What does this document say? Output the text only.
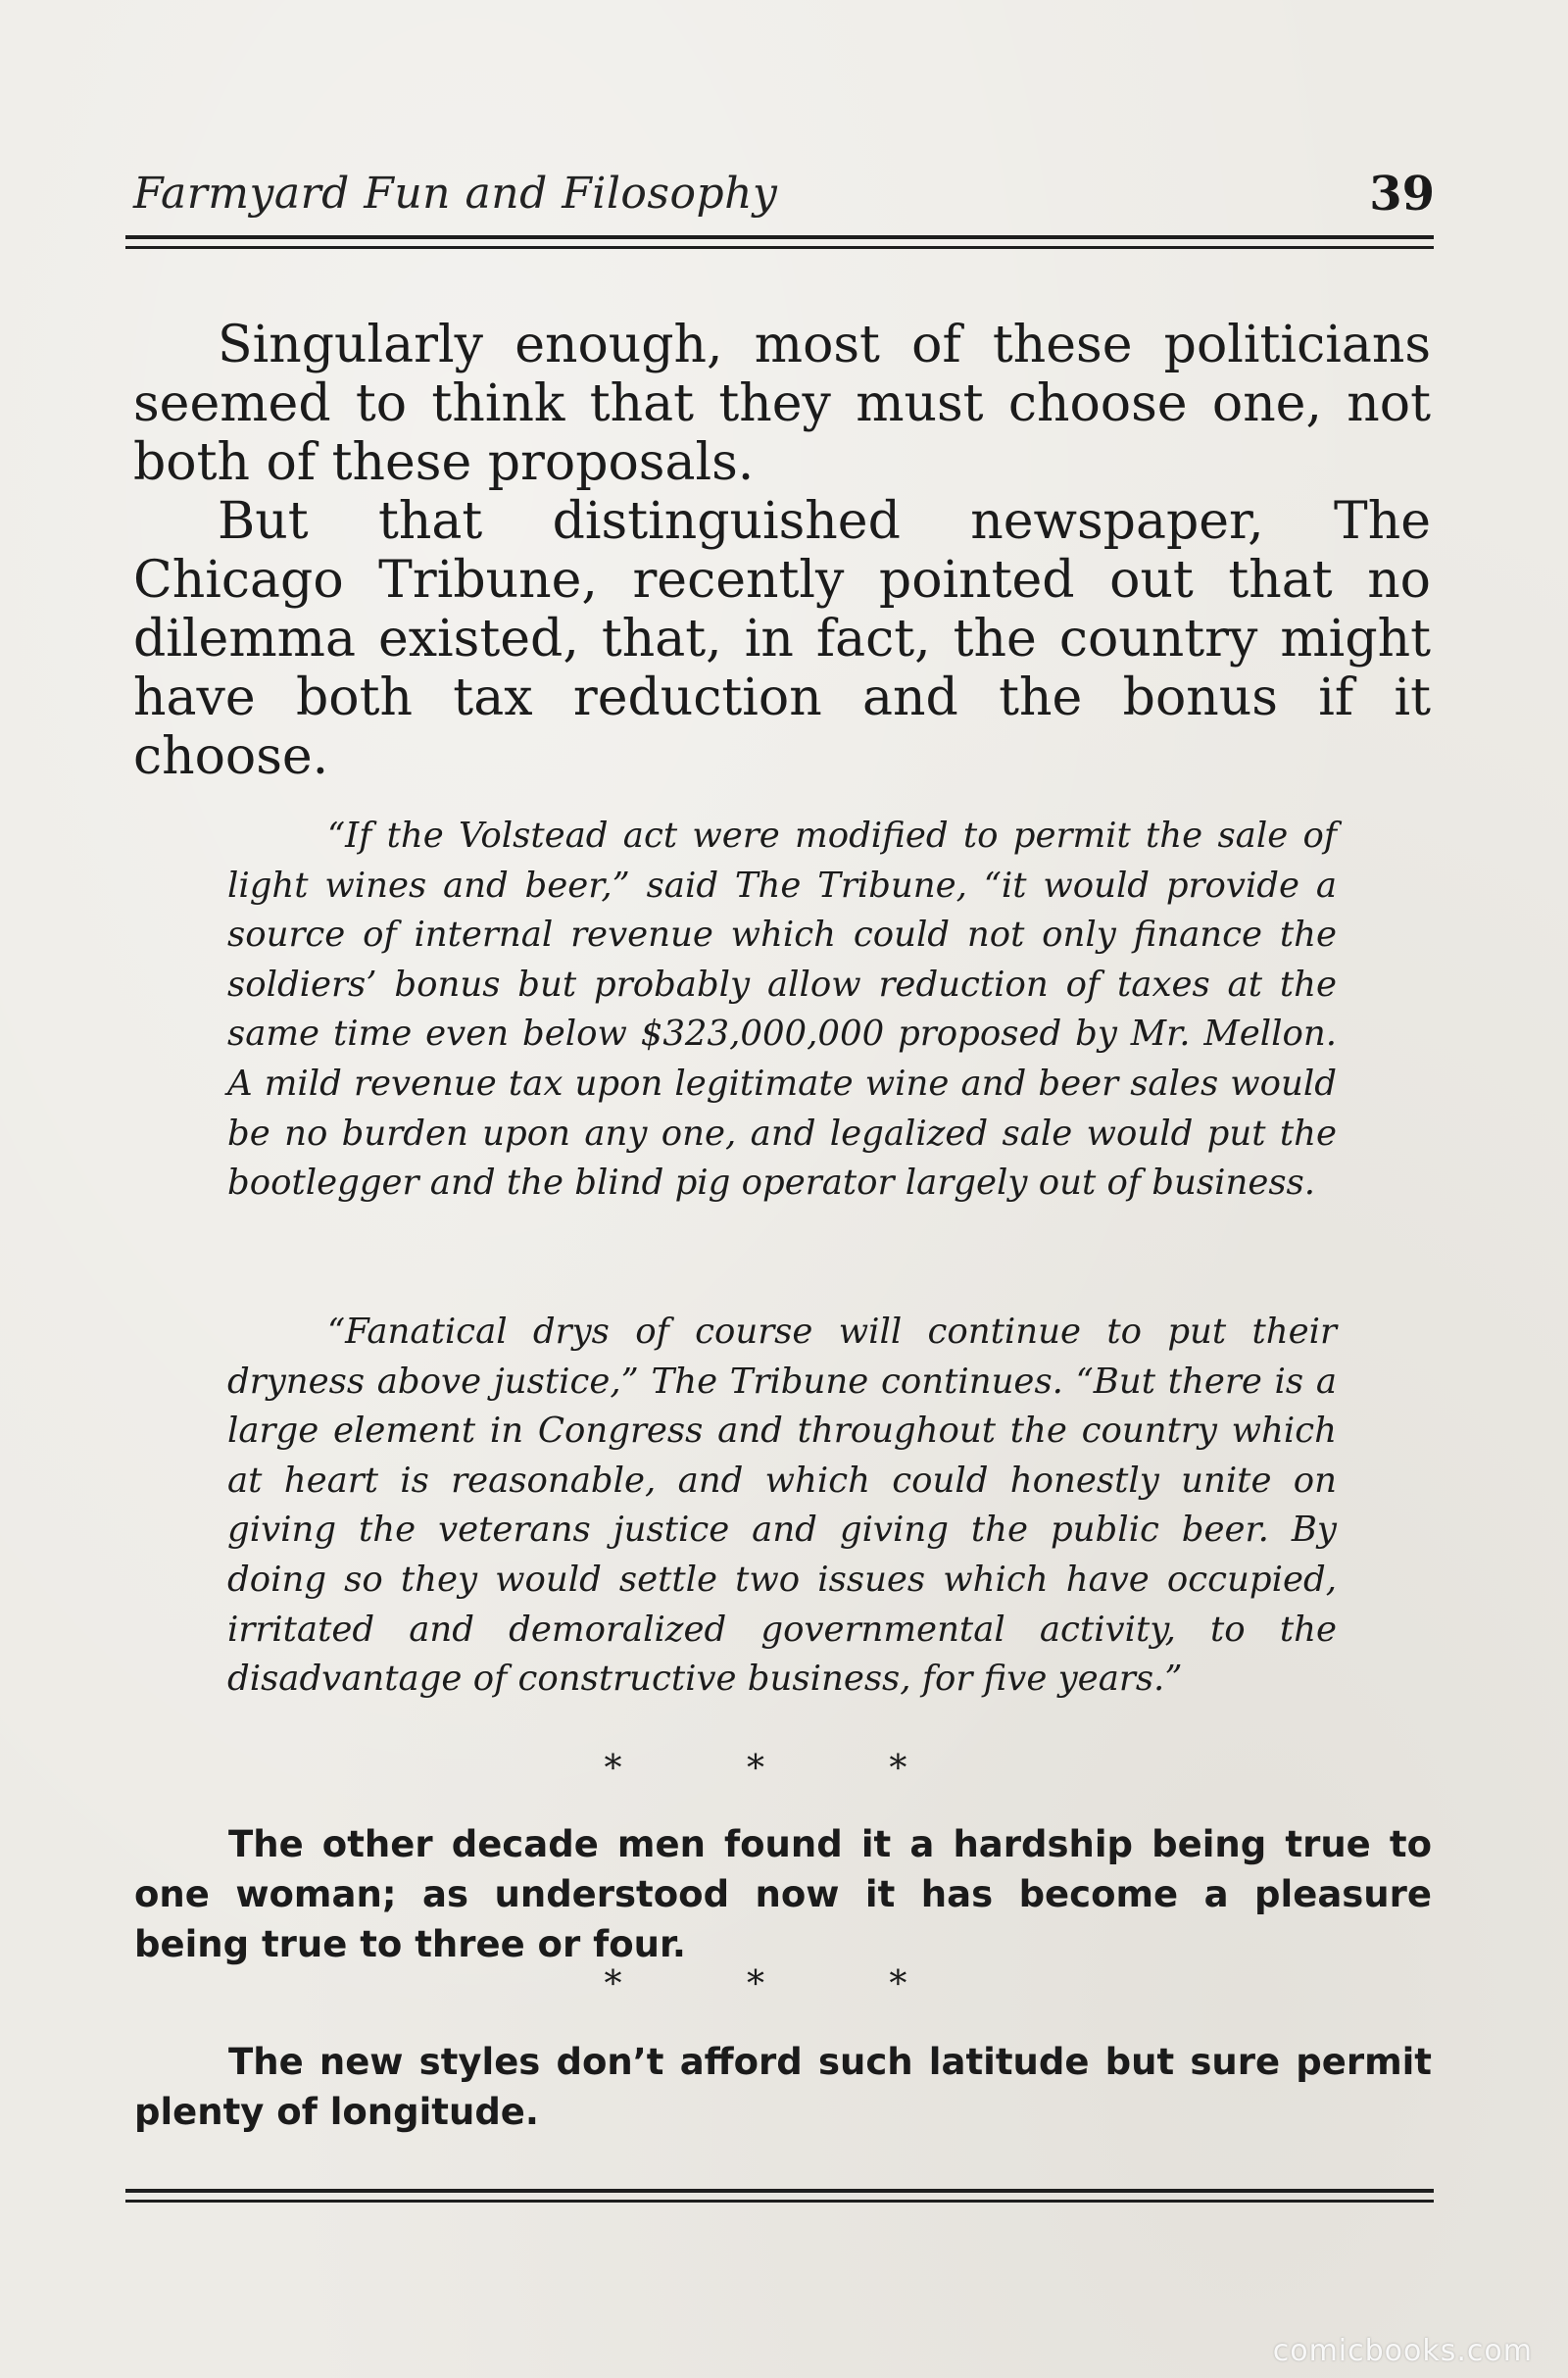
Farmyard Fun and Filosophy	39

Singularly enough, most of these politicians seemed to think that they must choose one, not both of these proposals.

But that distinguished newspaper, The Chicago Tribune, recently pointed out that no dilemma existed, that, in fact, the country might have both tax reduction and the bonus if it choose.

“If the Volstead act were modified to permit the sale of light wines and beer,” said The Tribune, “it would provide a source of internal revenue which could not only finance the soldiers’ bonus but probably allow reduction of taxes at the same time even below $323,000,000 proposed by Mr. Mellon. A mild revenue tax upon legitimate wine and beer sales would be no burden upon any one, and legalized sale would put the bootlegger and the blind pig operator largely out of business.

“Fanatical drys of course will continue to put their dryness above justice,” The Tribune continues. “But there is a large element in Congress and throughout the country which at heart is reasonable, and which could honestly unite on giving the veterans justice and giving the public beer. By doing so they would settle two issues which have occupied, irritated and demoralized governmental activity, to the disadvantage of constructive business, for five years.”

* * *

The other decade men found it a hardship being true to one woman; as understood now it has become a pleasure being true to three or four.

* * *

The new styles don’t afford such latitude but sure permit plenty of longitude.

comicbooks.com
